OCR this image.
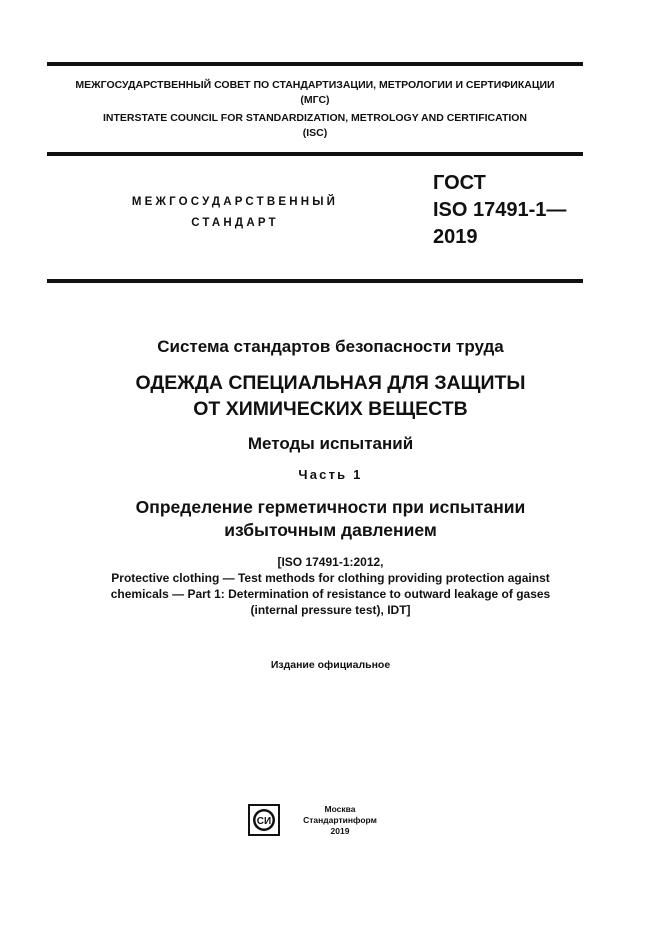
МЕЖГОСУДАРСТВЕННЫЙ СОВЕТ ПО СТАНДАРТИЗАЦИИ, МЕТРОЛОГИИ И СЕРТИФИКАЦИИ
(МГС)
INTERSTATE COUNCIL FOR STANDARDIZATION, METROLOGY AND CERTIFICATION
(ISC)
МЕЖГОСУДАРСТВЕННЫЙ
СТАНДАРТ
ГОСТ
ISO 17491-1—
2019
Система стандартов безопасности труда
ОДЕЖДА СПЕЦИАЛЬНАЯ ДЛЯ ЗАЩИТЫ
ОТ ХИМИЧЕСКИХ ВЕЩЕСТВ
Методы испытаний
Часть 1
Определение герметичности при испытании
избыточным давлением
[ISO 17491-1:2012,
Protective clothing — Test methods for clothing providing protection against
chemicals — Part 1: Determination of resistance to outward leakage of gases
(internal pressure test), IDT]
Издание официальное
СИ
Москва
Стандартинформ
2019
